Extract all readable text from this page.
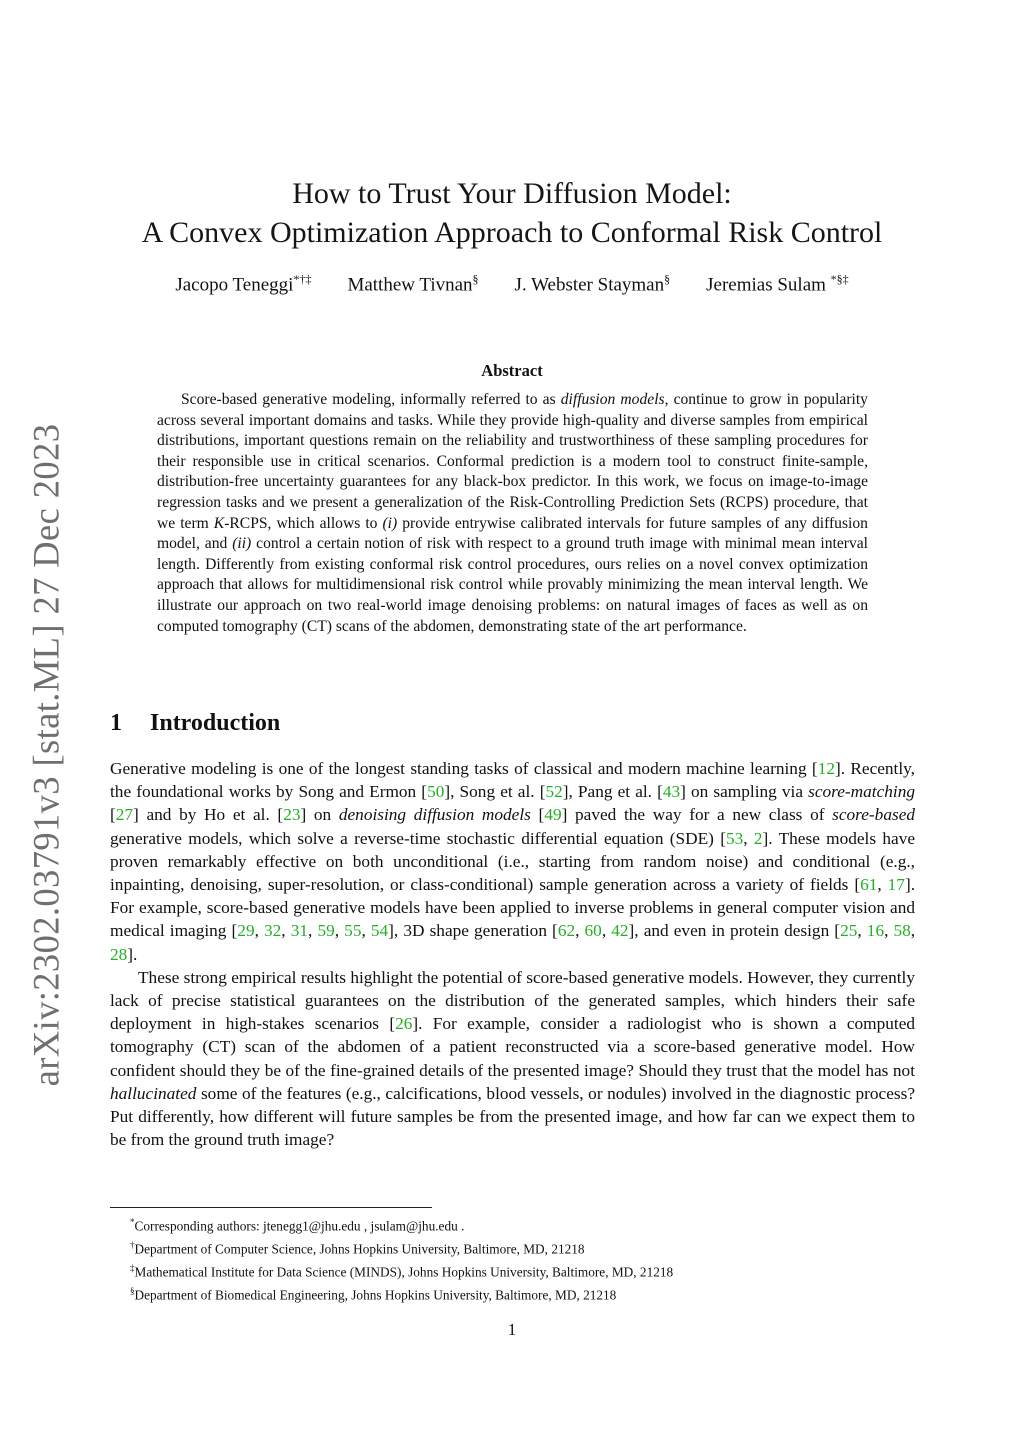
arXiv:2302.03791v3 [stat.ML] 27 Dec 2023
How to Trust Your Diffusion Model:
A Convex Optimization Approach to Conformal Risk Control
Jacopo Teneggi*†‡ Matthew Tivnan§ J. Webster Stayman§ Jeremias Sulam *§‡
Abstract

Score-based generative modeling, informally referred to as diffusion models, continue to grow in popularity across several important domains and tasks. While they provide high-quality and diverse samples from empirical distributions, important questions remain on the reliability and trustworthiness of these sampling procedures for their responsible use in critical scenarios. Conformal prediction is a modern tool to construct finite-sample, distribution-free uncertainty guarantees for any black-box predictor. In this work, we focus on image-to-image regression tasks and we present a generalization of the Risk-Controlling Prediction Sets (RCPS) procedure, that we term K-RCPS, which allows to (i) provide entrywise calibrated intervals for future samples of any diffusion model, and (ii) control a certain notion of risk with respect to a ground truth image with minimal mean interval length. Differently from existing conformal risk control procedures, ours relies on a novel convex optimization approach that allows for multidimensional risk control while provably minimizing the mean interval length. We illustrate our approach on two real-world image denoising problems: on natural images of faces as well as on computed tomography (CT) scans of the abdomen, demonstrating state of the art performance.

1 Introduction

Generative modeling is one of the longest standing tasks of classical and modern machine learning [12]. Recently, the foundational works by Song and Ermon [50], Song et al. [52], Pang et al. [43] on sampling via score-matching [27] and by Ho et al. [23] on denoising diffusion models [49] paved the way for a new class of score-based generative models, which solve a reverse-time stochastic differential equation (SDE) [53, 2]. These models have proven remarkably effective on both unconditional (i.e., starting from random noise) and conditional (e.g., inpainting, denoising, super-resolution, or class-conditional) sample generation across a variety of fields [61, 17]. For example, score-based generative models have been applied to inverse problems in general computer vision and medical imaging [29, 32, 31, 59, 55, 54], 3D shape generation [62, 60, 42], and even in protein design [25, 16, 58, 28].

These strong empirical results highlight the potential of score-based generative models. However, they currently lack of precise statistical guarantees on the distribution of the generated samples, which hinders their safe deployment in high-stakes scenarios [26]. For example, consider a radiologist who is shown a computed tomography (CT) scan of the abdomen of a patient reconstructed via a score-based generative model. How confident should they be of the fine-grained details of the presented image? Should they trust that the model has not hallucinated some of the features (e.g., calcifications, blood vessels, or nodules) involved in the diagnostic process? Put differently, how different will future samples be from the presented image, and how far can we expect them to be from the ground truth image?

*Corresponding authors: jtenegg1@jhu.edu , jsulam@jhu.edu .
†Department of Computer Science, Johns Hopkins University, Baltimore, MD, 21218
‡Mathematical Institute for Data Science (MINDS), Johns Hopkins University, Baltimore, MD, 21218
§Department of Biomedical Engineering, Johns Hopkins University, Baltimore, MD, 21218
1
